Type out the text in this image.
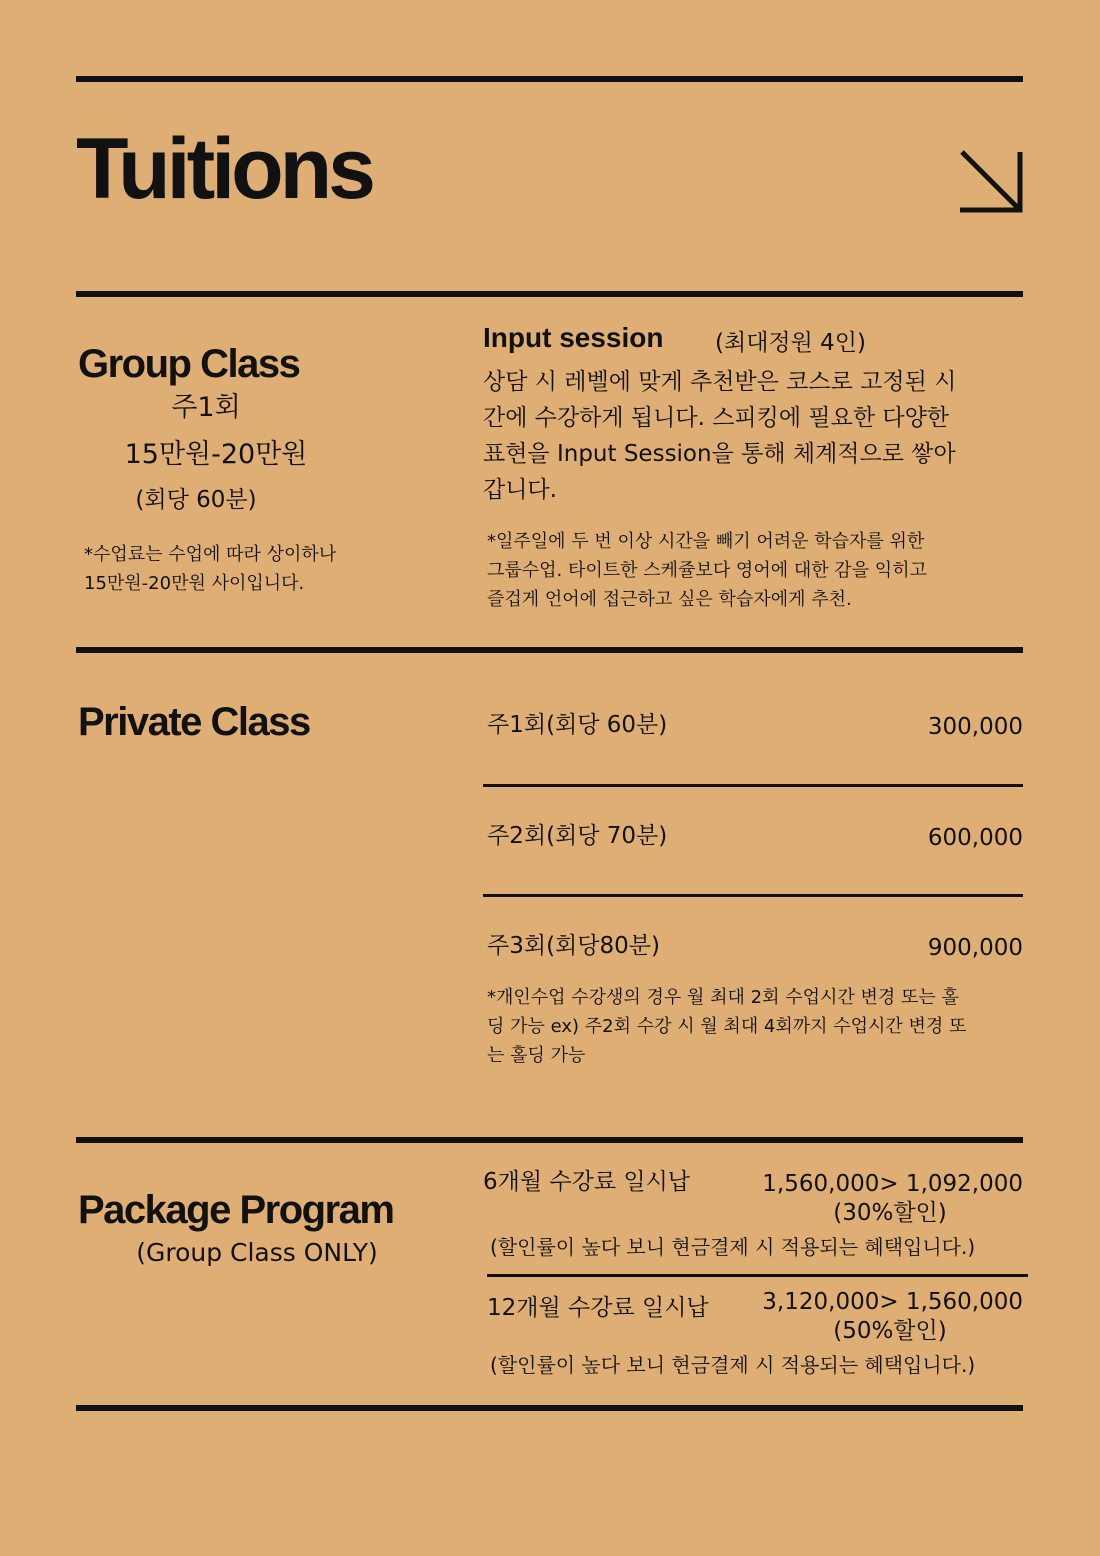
Tuitions
Group Class
주1회
15만원-20만원
(회당 60분)
*수업료는 수업에 따라 상이하나
15만원-20만원 사이입니다.
Input session (최대정원 4인)
상담 시 레벨에 맞게 추천받은 코스로 고정된 시
간에 수강하게 됩니다. 스피킹에 필요한 다양한
표현을 Input Session을 통해 체계적으로 쌓아
갑니다.
*일주일에 두 번 이상 시간을 빼기 어려운 학습자를 위한
그룹수업. 타이트한 스케쥴보다 영어에 대한 감을 익히고
즐겁게 언어에 접근하고 싶은 학습자에게 추천.
Private Class	주1회(회당 60분)	300,000
주2회(회당 70분)	600,000
주3회(회당80분)	900,000
*개인수업 수강생의 경우 월 최대 2회 수업시간 변경 또는 홀
딩 가능 ex) 주2회 수강 시 월 최대 4회까지 수업시간 변경 또
는 홀딩 가능
Package Program
(Group Class ONLY)
6개월 수강료 일시납	1,560,000> 1,092,000
(30%할인)
(할인률이 높다 보니 현금결제 시 적용되는 혜택입니다.)
12개월 수강료 일시납	3,120,000> 1,560,000
(50%할인)
(할인률이 높다 보니 현금결제 시 적용되는 혜택입니다.)
